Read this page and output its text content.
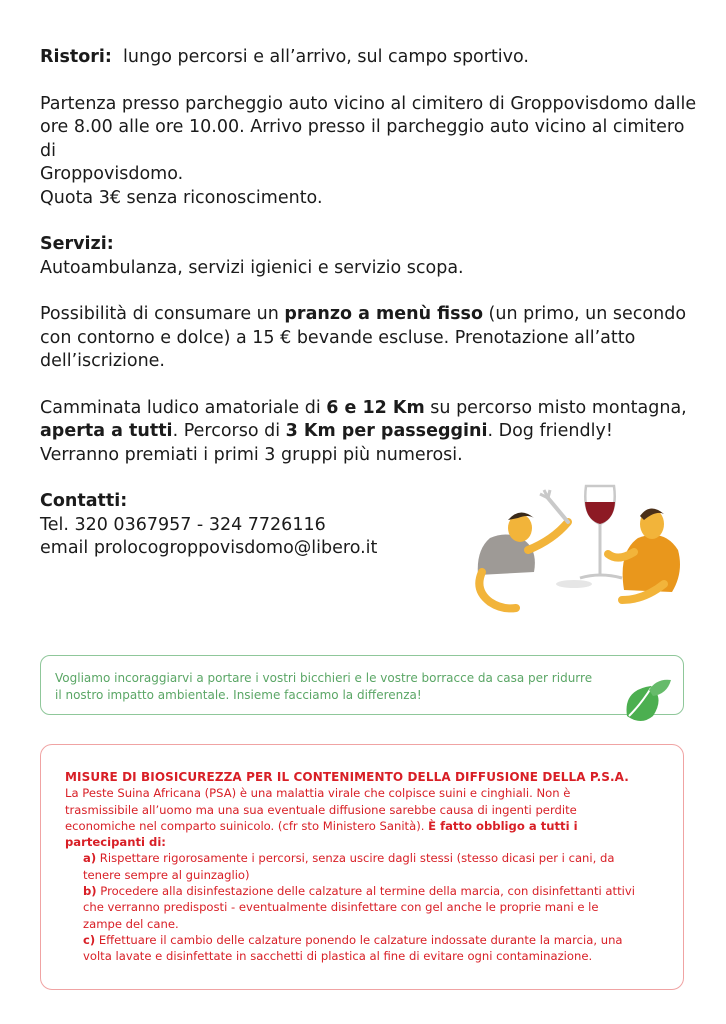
Ristori: lungo percorsi e all’arrivo, sul campo sportivo.

Partenza presso parcheggio auto vicino al cimitero di Groppovisdomo dalle

ore 8.00 alle ore 10.00. Arrivo presso il parcheggio auto vicino al cimitero di

Groppovisdomo.

Quota 3€ senza riconoscimento.

Servizi:

Autoambulanza, servizi igienici e servizio scopa.

Possibilità di consumare un pranzo a menù fisso (un primo, un secondo

con contorno e dolce) a 15 € bevande escluse. Prenotazione all’atto

dell’iscrizione.

Camminata ludico amatoriale di 6 e 12 Km su percorso misto montagna,

aperta a tutti. Percorso di 3 Km per passeggini. Dog friendly!

Verranno premiati i primi 3 gruppi più numerosi.

Contatti:

Tel. 320 0367957 - 324 7726116

email prolocogroppovisdomo@libero.it

Vogliamo incoraggiarvi a portare i vostri bicchieri e le vostre borracce da casa per ridurre
il nostro impatto ambientale. Insieme facciamo la differenza!

MISURE DI BIOSICUREZZA PER IL CONTENIMENTO DELLA DIFFUSIONE DELLA P.S.A.

La Peste Suina Africana (PSA) è una malattia virale che colpisce suini e cinghiali. Non è

trasmissibile all’uomo ma una sua eventuale diffusione sarebbe causa di ingenti perdite

economiche nel comparto suinicolo. (cfr sto Ministero Sanità). È fatto obbligo a tutti i

partecipanti di:

a) Rispettare rigorosamente i percorsi, senza uscire dagli stessi (stesso dicasi per i cani, da

tenere sempre al guinzaglio)

b) Procedere alla disinfestazione delle calzature al termine della marcia, con disinfettanti attivi

che verranno predisposti - eventualmente disinfettare con gel anche le proprie mani e le

zampe del cane.

c) Effettuare il cambio delle calzature ponendo le calzature indossate durante la marcia, una

volta lavate e disinfettate in sacchetti di plastica al fine di evitare ogni contaminazione.
